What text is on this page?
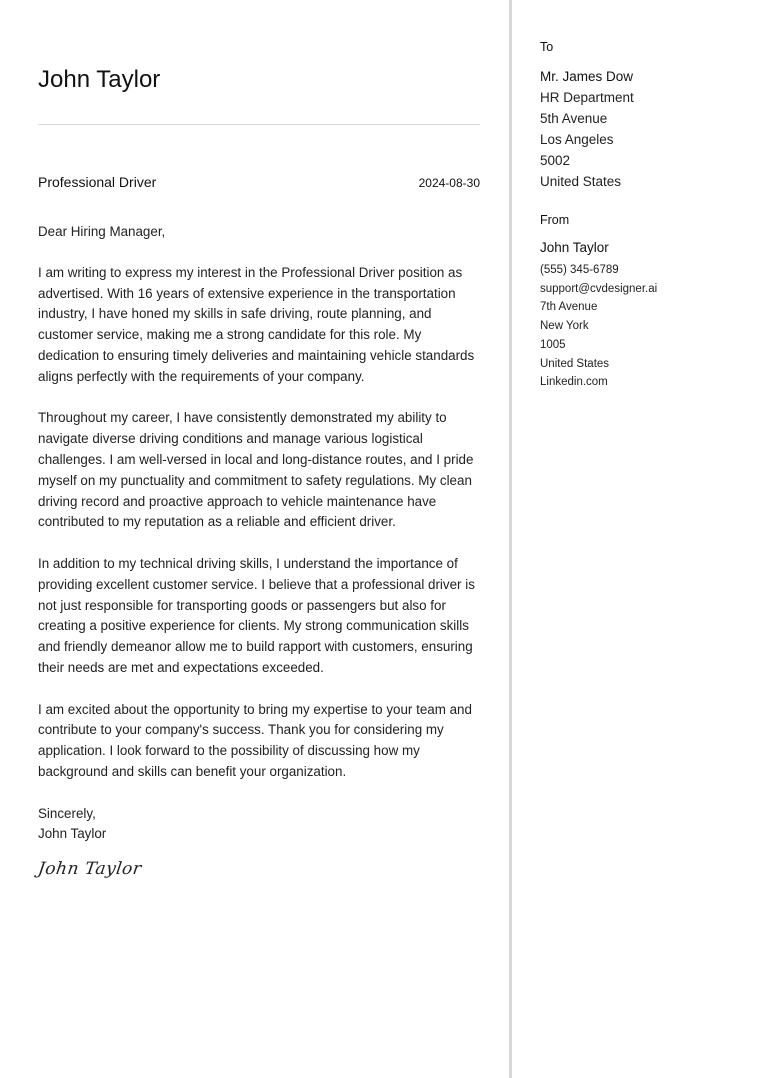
John Taylor
Professional Driver	2024-08-30

Dear Hiring Manager,

I am writing to express my interest in the Professional Driver position as advertised. With 16 years of extensive experience in the transportation industry, I have honed my skills in safe driving, route planning, and customer service, making me a strong candidate for this role. My dedication to ensuring timely deliveries and maintaining vehicle standards aligns perfectly with the requirements of your company.

Throughout my career, I have consistently demonstrated my ability to navigate diverse driving conditions and manage various logistical challenges. I am well-versed in local and long-distance routes, and I pride myself on my punctuality and commitment to safety regulations. My clean driving record and proactive approach to vehicle maintenance have contributed to my reputation as a reliable and efficient driver.

In addition to my technical driving skills, I understand the importance of providing excellent customer service. I believe that a professional driver is not just responsible for transporting goods or passengers but also for creating a positive experience for clients. My strong communication skills and friendly demeanor allow me to build rapport with customers, ensuring their needs are met and expectations exceeded.

I am excited about the opportunity to bring my expertise to your team and contribute to your company's success. Thank you for considering my application. I look forward to the possibility of discussing how my background and skills can benefit your organization.

Sincerely,

John Taylor

John Taylor
To
Mr. James Dow
HR Department
5th Avenue
Los Angeles
5002
United States
From
John Taylor
(555) 345-6789
support@cvdesigner.ai
7th Avenue
New York
1005
United States
Linkedin.com
